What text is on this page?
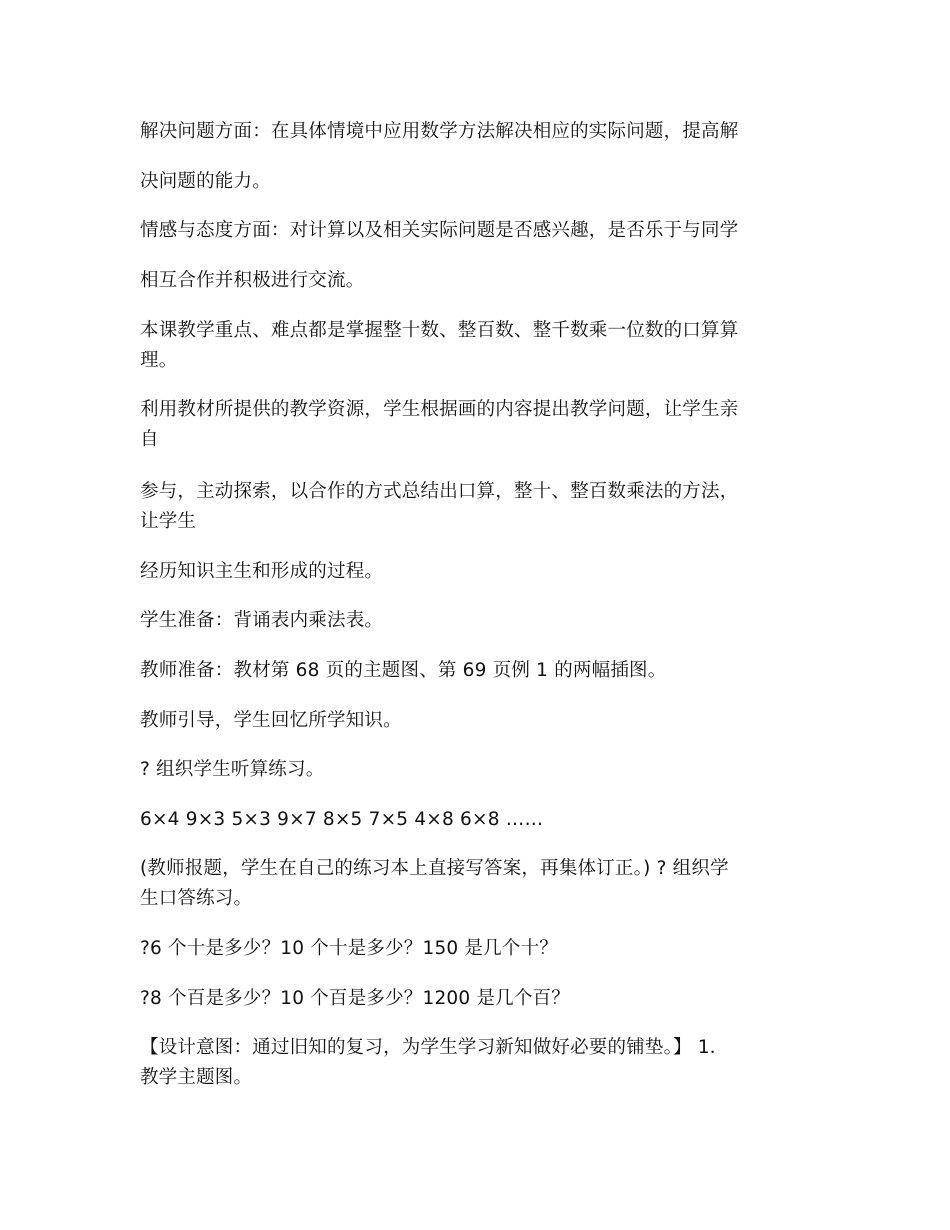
解决问题方面：在具体情境中应用数学方法解决相应的实际问题，提高解
决问题的能力。
情感与态度方面：对计算以及相关实际问题是否感兴趣，是否乐于与同学
相互合作并积极进行交流。
本课教学重点、难点都是掌握整十数、整百数、整千数乘一位数的口算算
理。
利用教材所提供的教学资源，学生根据画的内容提出教学问题，让学生亲
自
参与，主动探索，以合作的方式总结出口算，整十、整百数乘法的方法，
让学生
经历知识主生和形成的过程。
学生准备：背诵表内乘法表。
教师准备：教材第 68 页的主题图、第 69 页例 1 的两幅插图。
教师引导，学生回忆所学知识。
? 组织学生听算练习。
6×4 9×3 5×3 9×7 8×5 7×5 4×8 6×8 ……
(教师报题，学生在自己的练习本上直接写答案，再集体订正。) ? 组织学
生口答练习。
?6 个十是多少？10 个十是多少？150 是几个十？
?8 个百是多少？10 个百是多少？1200 是几个百？
【设计意图：通过旧知的复习，为学生学习新知做好必要的铺垫。】 1．
教学主题图。
